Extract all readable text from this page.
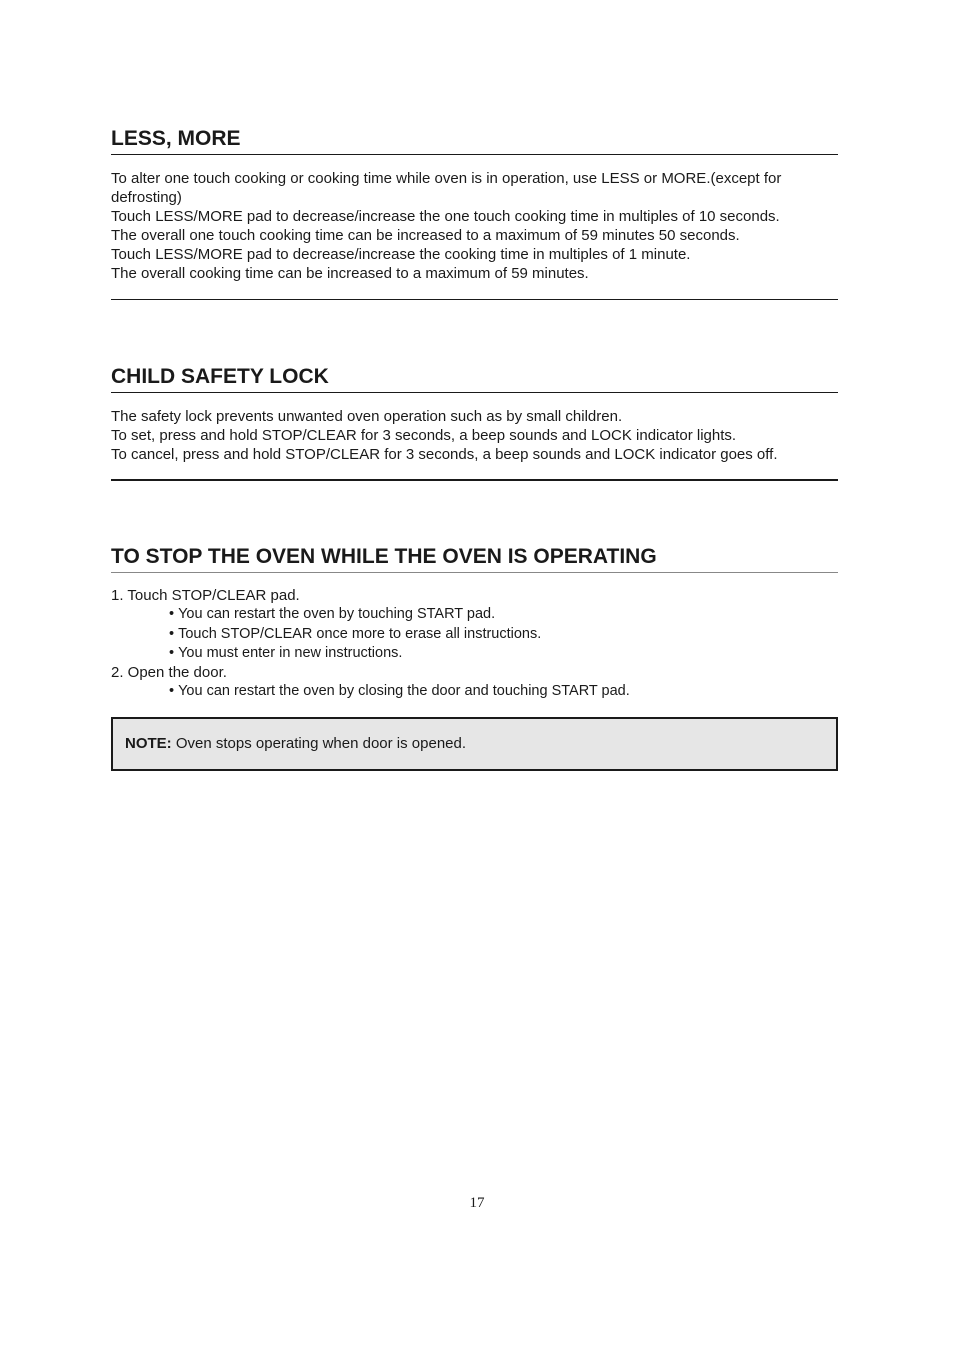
LESS, MORE

To alter one touch cooking or cooking time while oven is in operation, use LESS or MORE.(except for defrosting)

Touch LESS/MORE pad to decrease/increase the one touch cooking time in multiples of 10 seconds.

The overall one touch cooking time can be increased to a maximum of 59 minutes 50 seconds.

Touch LESS/MORE pad to decrease/increase the cooking time in multiples of 1 minute.

The overall cooking time can be increased to a maximum of 59 minutes.

CHILD SAFETY LOCK

The safety lock prevents unwanted oven operation such as by small children.

To set, press and hold STOP/CLEAR for 3 seconds, a beep sounds and LOCK indicator lights.

To cancel, press and hold STOP/CLEAR for 3 seconds, a beep sounds and LOCK indicator goes off.

TO STOP THE OVEN WHILE THE OVEN IS OPERATING
1. Touch STOP/CLEAR pad.
• You can restart the oven by touching START pad.
• Touch STOP/CLEAR once more to erase all instructions.
• You must enter in new instructions.
2. Open the door.
• You can restart the oven by closing the door and touching START pad.
NOTE: Oven stops operating when door is opened.
17
